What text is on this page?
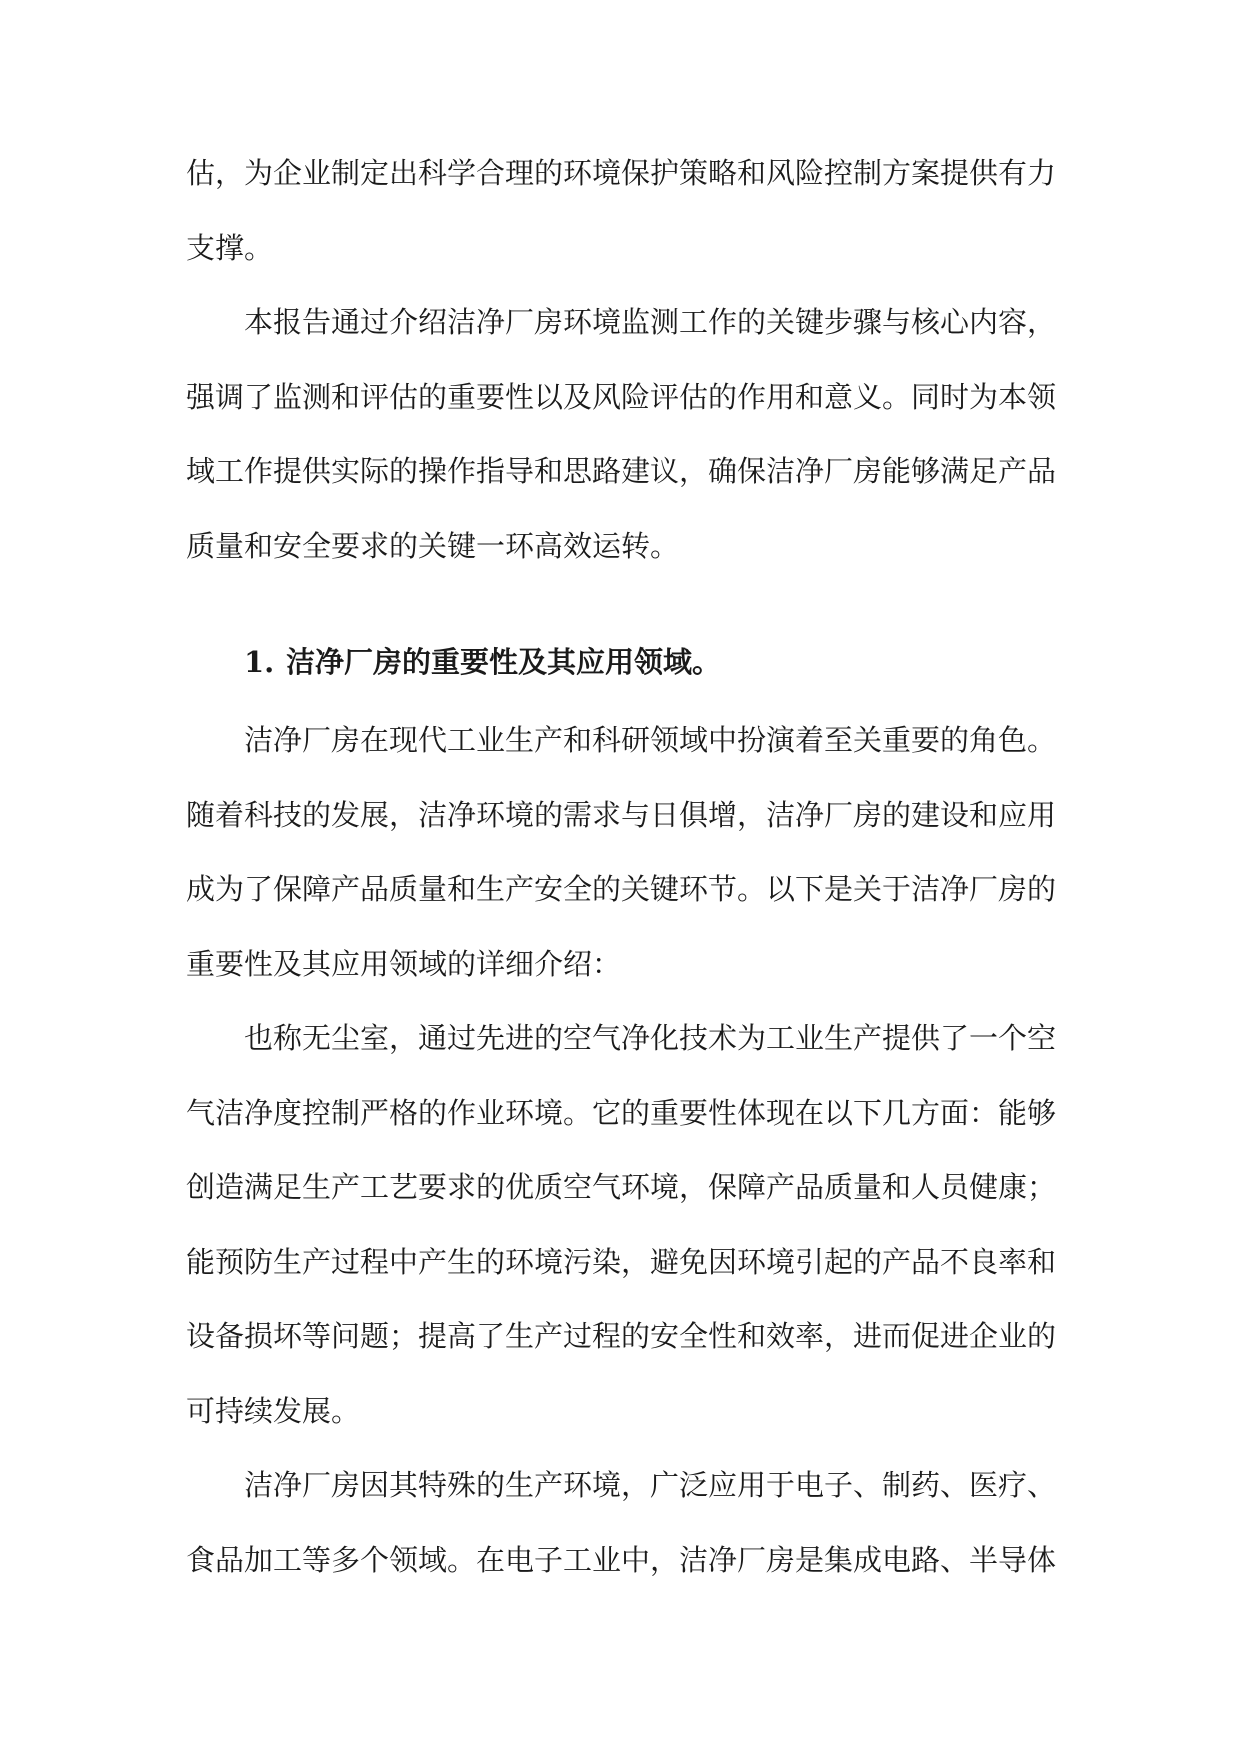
估，为企业制定出科学合理的环境保护策略和风险控制方案提供有力
支撑。
本报告通过介绍洁净厂房环境监测工作的关键步骤与核心内容，
强调了监测和评估的重要性以及风险评估的作用和意义。同时为本领
域工作提供实际的操作指导和思路建议，确保洁净厂房能够满足产品
质量和安全要求的关键一环高效运转。
1. 洁净厂房的重要性及其应用领域。
洁净厂房在现代工业生产和科研领域中扮演着至关重要的角色。
随着科技的发展，洁净环境的需求与日俱增，洁净厂房的建设和应用
成为了保障产品质量和生产安全的关键环节。以下是关于洁净厂房的
重要性及其应用领域的详细介绍：
也称无尘室，通过先进的空气净化技术为工业生产提供了一个空
气洁净度控制严格的作业环境。它的重要性体现在以下几方面：能够
创造满足生产工艺要求的优质空气环境，保障产品质量和人员健康；
能预防生产过程中产生的环境污染，避免因环境引起的产品不良率和
设备损坏等问题；提高了生产过程的安全性和效率，进而促进企业的
可持续发展。
洁净厂房因其特殊的生产环境，广泛应用于电子、制药、医疗、
食品加工等多个领域。在电子工业中，洁净厂房是集成电路、半导体
